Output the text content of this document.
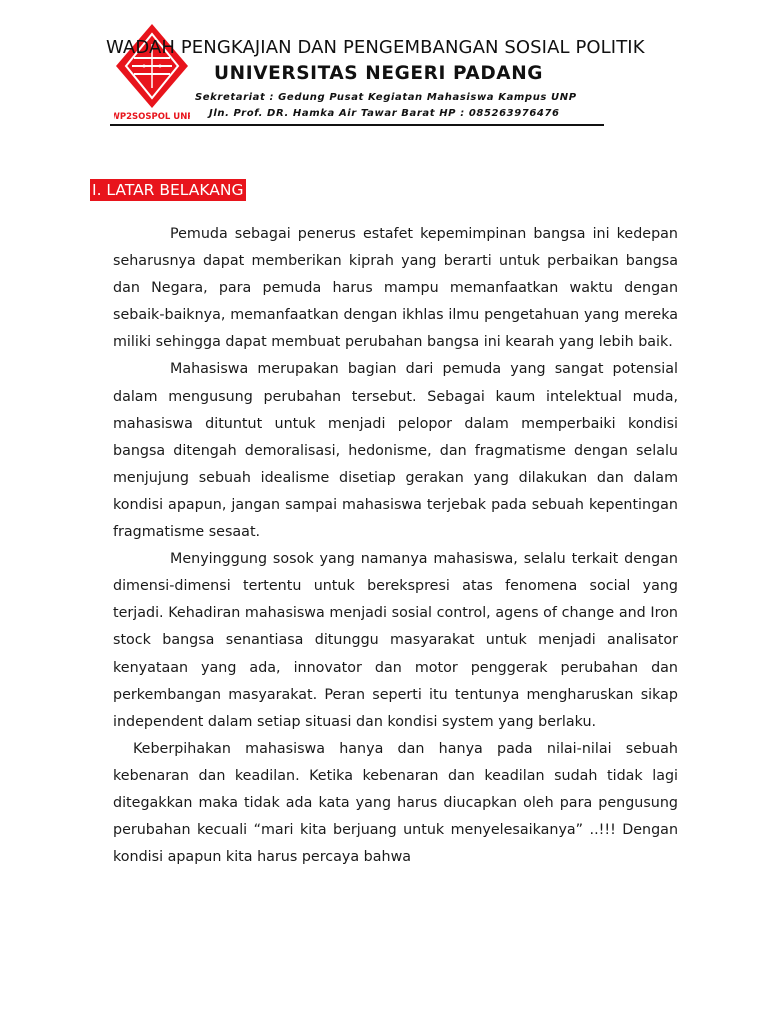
WP2SOSPOL UNP
WADAH PENGKAJIAN DAN PENGEMBANGAN SOSIAL POLITIK
UNIVERSITAS NEGERI PADANG
Sekretariat : Gedung Pusat Kegiatan Mahasiswa Kampus UNP
Jln. Prof. DR. Hamka Air Tawar Barat HP : 085263976476
I. LATAR BELAKANG

Pemuda sebagai penerus estafet kepemimpinan bangsa ini kedepan seharusnya dapat memberikan kiprah yang berarti untuk perbaikan bangsa dan Negara, para pemuda harus mampu memanfaatkan waktu dengan sebaik-baiknya, memanfaatkan dengan ikhlas ilmu pengetahuan yang mereka miliki sehingga dapat membuat perubahan bangsa ini kearah yang lebih baik.

Mahasiswa merupakan bagian dari pemuda yang sangat potensial dalam mengusung perubahan tersebut. Sebagai kaum intelektual muda, mahasiswa dituntut untuk menjadi pelopor dalam memperbaiki kondisi bangsa ditengah demoralisasi, hedonisme, dan fragmatisme dengan selalu menjujung sebuah idealisme disetiap gerakan yang dilakukan dan dalam kondisi apapun, jangan sampai mahasiswa terjebak pada sebuah kepentingan fragmatisme sesaat.

Menyinggung sosok yang namanya mahasiswa, selalu terkait dengan dimensi-dimensi tertentu untuk berekspresi atas fenomena social yang terjadi. Kehadiran mahasiswa menjadi sosial control, agens of change and Iron stock bangsa senantiasa ditunggu masyarakat untuk menjadi analisator kenyataan yang ada, innovator dan motor penggerak perubahan dan perkembangan masyarakat. Peran seperti itu tentunya mengharuskan sikap independent dalam setiap situasi dan kondisi system yang berlaku.

Keberpihakan mahasiswa hanya dan hanya pada nilai-nilai sebuah kebenaran dan keadilan. Ketika kebenaran dan keadilan sudah tidak lagi ditegakkan maka tidak ada kata yang harus diucapkan oleh para pengusung perubahan kecuali “mari kita berjuang untuk menyelesaikanya” ..!!! Dengan kondisi apapun kita harus percaya bahwa
